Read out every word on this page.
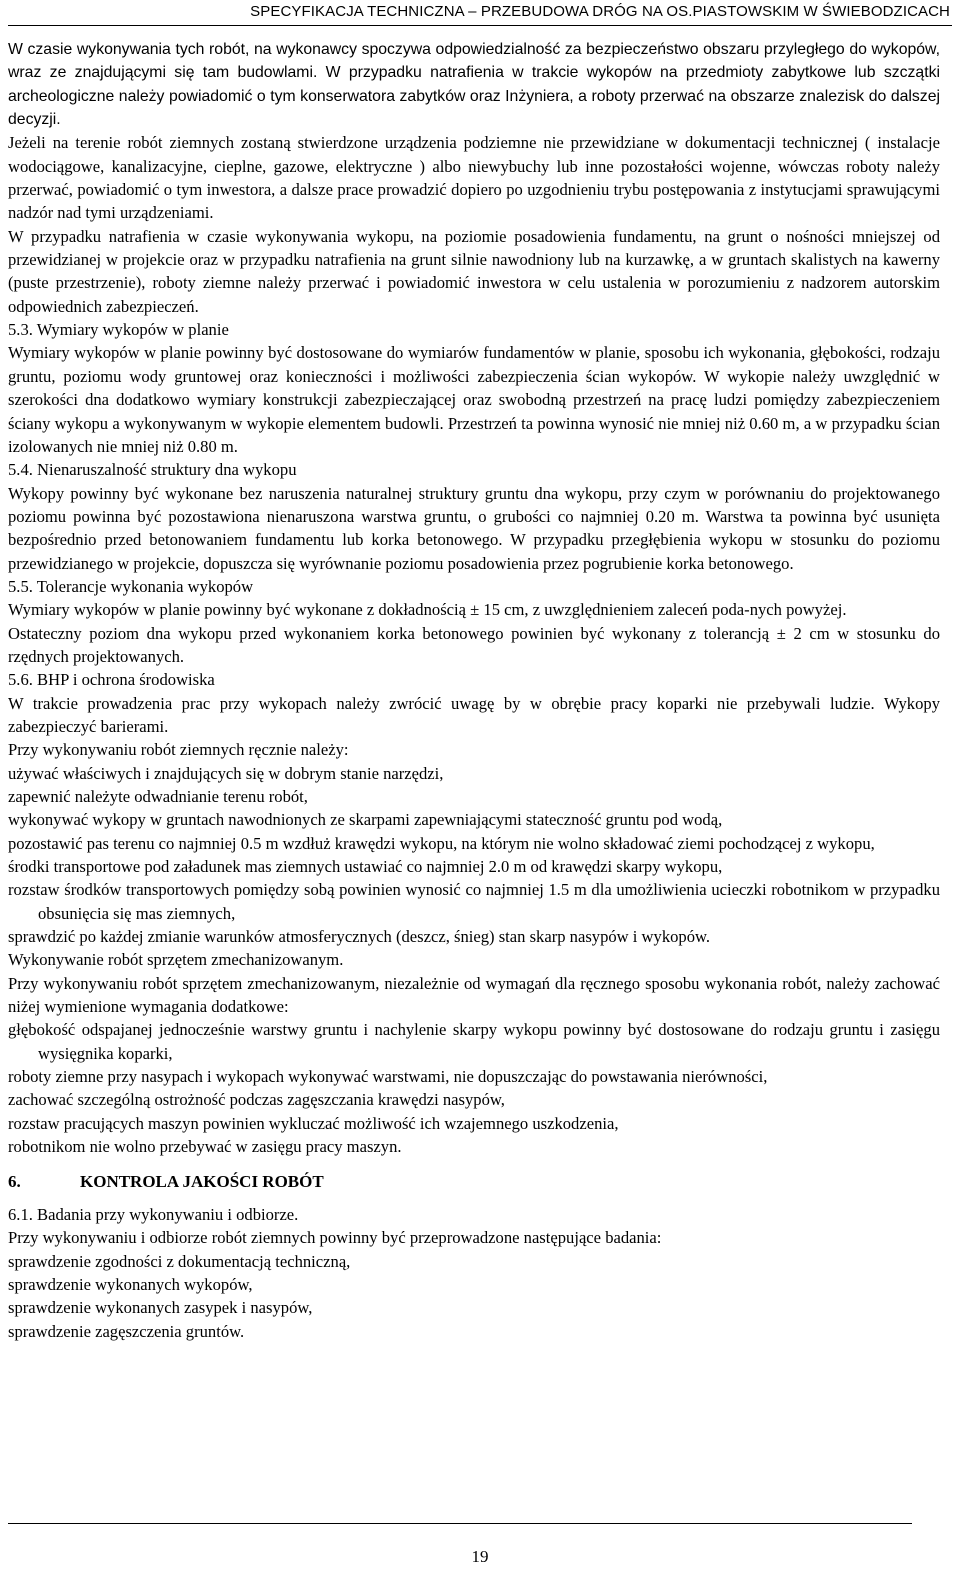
SPECYFIKACJA TECHNICZNA – PRZEBUDOWA DRÓG NA OS.PIASTOWSKIM W ŚWIEBODZICACH

W czasie wykonywania tych robót, na wykonawcy spoczywa odpowiedzialność za bezpieczeństwo obszaru przyległego do wykopów, wraz ze znajdującymi się tam budowlami. W przypadku natrafienia w trakcie wykopów na przedmioty zabytkowe lub szczątki archeologiczne należy powiadomić o tym konserwatora zabytków oraz Inżyniera, a roboty przerwać na obszarze znalezisk do dalszej decyzji.

Jeżeli na terenie robót ziemnych zostaną stwierdzone urządzenia podziemne nie przewidziane w dokumentacji technicznej ( instalacje wodociągowe, kanalizacyjne, cieplne, gazowe, elektryczne ) albo niewybuchy lub inne pozostałości wojenne, wówczas roboty należy przerwać, powiadomić o tym inwestora, a dalsze prace prowadzić dopiero po uzgodnieniu trybu postępowania z instytucjami sprawującymi nadzór nad tymi urządzeniami.

W przypadku natrafienia w czasie wykonywania wykopu, na poziomie posadowienia fundamentu, na grunt o nośności mniejszej od przewidzianej w projekcie oraz w przypadku natrafienia na grunt silnie nawodniony lub na kurzawkę, a w gruntach skalistych na kawerny (puste przestrzenie), roboty ziemne należy przerwać i powiadomić inwestora w celu ustalenia w porozumieniu z nadzorem autorskim odpowiednich zabezpieczeń.

5.3. Wymiary wykopów w planie

Wymiary wykopów w planie powinny być dostosowane do wymiarów fundamentów w planie, sposobu ich wykonania, głębokości, rodzaju gruntu, poziomu wody gruntowej oraz konieczności i możliwości zabezpieczenia ścian wykopów. W wykopie należy uwzględnić w szerokości dna dodatkowo wymiary konstrukcji zabezpieczającej oraz swobodną przestrzeń na pracę ludzi pomiędzy zabezpieczeniem ściany wykopu a wykonywanym w wykopie elementem budowli. Przestrzeń ta powinna wynosić nie mniej niż 0.60 m, a w przypadku ścian izolowanych nie mniej niż 0.80 m.

5.4. Nienaruszalność struktury dna wykopu

Wykopy powinny być wykonane bez naruszenia naturalnej struktury gruntu dna wykopu, przy czym w porównaniu do projektowanego poziomu powinna być pozostawiona nienaruszona warstwa gruntu, o grubości co najmniej 0.20 m. Warstwa ta powinna być usunięta bezpośrednio przed betonowaniem fundamentu lub korka betonowego. W przypadku przegłębienia wykopu w stosunku do poziomu przewidzianego w projekcie, dopuszcza się wyrównanie poziomu posadowienia przez pogrubienie korka betonowego.

5.5. Tolerancje wykonania wykopów

Wymiary wykopów w planie powinny być wykonane z dokładnością ± 15 cm, z uwzględnieniem zaleceń poda-nych powyżej.

Ostateczny poziom dna wykopu przed wykonaniem korka betonowego powinien być wykonany z tolerancją ± 2 cm w stosunku do rzędnych projektowanych.

5.6. BHP i ochrona środowiska

W trakcie prowadzenia prac przy wykopach należy zwrócić uwagę by w obrębie pracy koparki nie przebywali ludzie. Wykopy zabezpieczyć barierami.

Przy wykonywaniu robót ziemnych ręcznie należy:

używać właściwych i znajdujących się w dobrym stanie narzędzi,

zapewnić należyte odwadnianie terenu robót,

wykonywać wykopy w gruntach nawodnionych ze skarpami zapewniającymi stateczność gruntu pod wodą,

pozostawić pas terenu co najmniej 0.5 m wzdłuż krawędzi wykopu, na którym nie wolno składować ziemi pochodzącej z wykopu,

środki transportowe pod załadunek mas ziemnych ustawiać co najmniej 2.0 m od krawędzi skarpy wykopu,

rozstaw środków transportowych pomiędzy sobą powinien wynosić co najmniej 1.5 m dla umożliwienia ucieczki robotnikom w przypadku obsunięcia się mas ziemnych,

sprawdzić po każdej zmianie warunków atmosferycznych (deszcz, śnieg) stan skarp nasypów i wykopów.

Wykonywanie robót sprzętem zmechanizowanym.

Przy wykonywaniu robót sprzętem zmechanizowanym, niezależnie od wymagań dla ręcznego sposobu wykonania robót, należy zachować niżej wymienione wymagania dodatkowe:

głębokość odspajanej jednocześnie warstwy gruntu i nachylenie skarpy wykopu powinny być dostosowane do rodzaju gruntu i zasięgu wysięgnika koparki,

roboty ziemne przy nasypach i wykopach wykonywać warstwami, nie dopuszczając do powstawania nierówności,

zachować szczególną ostrożność podczas zagęszczania krawędzi nasypów,

rozstaw pracujących maszyn powinien wykluczać możliwość ich wzajemnego uszkodzenia,

robotnikom nie wolno przebywać w zasięgu pracy maszyn.

6.	KONTROLA JAKOŚCI ROBÓT

6.1. Badania przy wykonywaniu i odbiorze.

Przy wykonywaniu i odbiorze robót ziemnych powinny być przeprowadzone następujące badania:

sprawdzenie zgodności z dokumentacją techniczną,

sprawdzenie wykonanych wykopów,

sprawdzenie wykonanych zasypek i nasypów,

sprawdzenie zagęszczenia gruntów.

19
